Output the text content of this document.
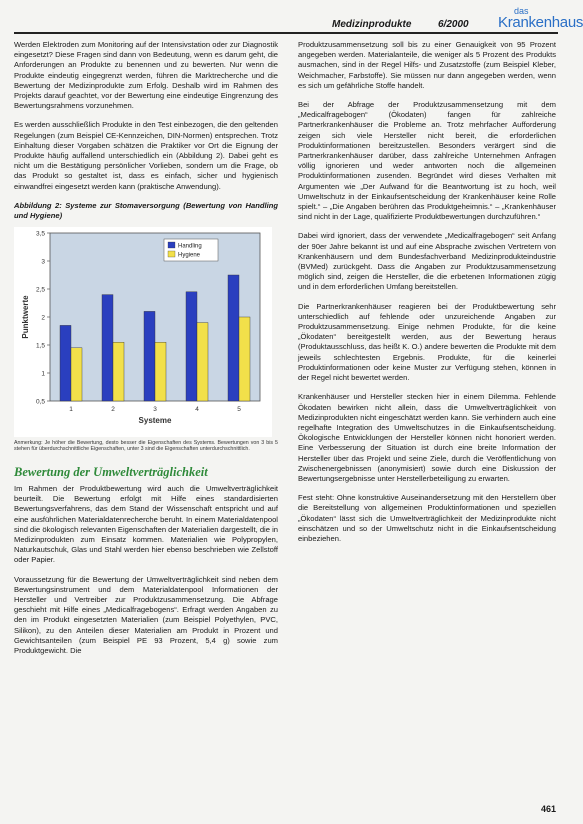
Medizinprodukte	6/2000
das
Krankenhaus

Werden Elektroden zum Monitoring auf der Intensivstation oder zur Diagnostik eingesetzt? Diese Fragen sind dann von Bedeutung, wenn es darum geht, die Anforderungen an Produkte zu benennen und zu bewerten. Nur wenn die Produkte eindeutig eingegrenzt werden, führen die Marktrecherche und die Bewertung der Medizinprodukte zum Erfolg. Deshalb wird im Rahmen des Projekts darauf geachtet, vor der Bewertung eine eindeutige Eingrenzung des Bewertungsrahmens vorzunehmen.

Es werden ausschließlich Produkte in den Test einbezogen, die den geltenden Regelungen (zum Beispiel CE-Kennzeichen, DIN-Normen) entsprechen. Trotz Einhaltung dieser Vorgaben schätzen die Praktiker vor Ort die Eignung der Produkte häufig auffallend unterschiedlich ein (Abbildung 2). Dabei geht es nicht um die Bestätigung persönlicher Vorlieben, sondern um die Frage, ob das Produkt so gestaltet ist, dass es einfach, sicher und hygienisch einwandfrei eingesetzt werden kann (praktische Anwendung).

Abbildung 2: Systeme zur Stomaversorgung (Bewertung von Handling und Hygiene)
0,5
1
1,5
2
2,5
3
3,5
1	2	3	4	5
Systeme
Punktwerte
Handling
Hygiene
Anmerkung: Je höher die Bewertung, desto besser die Eigenschaften des Systems. Bewertungen von 3 bis 5 stehen für überdurchschnittliche Eigenschaften, unter 3 sind die Eigenschaften unterdurchschnittlich.
Bewertung der Umweltverträglichkeit

Im Rahmen der Produktbewertung wird auch die Umweltverträglichkeit beurteilt. Die Bewertung erfolgt mit Hilfe eines standardisierten Bewertungsverfahrens, das dem Stand der Wissenschaft entspricht und auf eine ausführlichen Materialdatenrecherche beruht. In einem Materialdatenpool sind die ökologisch relevanten Eigenschaften der Materialien dargestellt, die in Medizinprodukten zum Einsatz kommen. Materialien wie Polypropylen, Naturkautschuk, Glas und Stahl werden hier ebenso beschrieben wie Zellstoff oder Papier.

Voraussetzung für die Bewertung der Umweltverträglichkeit sind neben dem Bewertungsinstrument und dem Materialdatenpool Informationen der Hersteller und Vertreiber zur Produktzusammensetzung. Die Abfrage geschieht mit Hilfe eines „Medicalfragebogens“. Erfragt werden Angaben zu den im Produkt eingesetzten Materialien (zum Beispiel Polyethylen, PVC, Silikon), zu den Anteilen dieser Materialien am Produkt in Prozent und Gewichtsanteilen (zum Beispiel PE 93 Prozent, 5,4 g) sowie zum Produktgewicht. Die

Produktzusammensetzung soll bis zu einer Genauigkeit von 95 Prozent angegeben werden. Materialanteile, die weniger als 5 Prozent des Produkts ausmachen, sind in der Regel Hilfs- und Zusatzstoffe (zum Beispiel Kleber, Weichmacher, Farbstoffe). Sie müssen nur dann angegeben werden, wenn es sich um gefährliche Stoffe handelt.

Bei der Abfrage der Produktzusammensetzung mit dem „Medicalfragebogen“ (Ökodaten) fangen für zahlreiche Partnerkrankenhäuser die Probleme an. Trotz mehrfacher Aufforderung zeigen sich viele Hersteller nicht bereit, die erforderlichen Produktinformationen bereitzustellen. Besonders verärgert sind die Partnerkrankenhäuser darüber, dass zahlreiche Unternehmen Anfragen völlig ignorieren und weder antworten noch die allgemeinen Produktinformationen zusenden. Begründet wird dieses Verhalten mit Argumenten wie „Der Aufwand für die Beantwortung ist zu hoch, weil Umweltschutz in der Einkaufsentscheidung der Krankenhäuser keine Rolle spielt.“ – „Die Angaben berühren das Produktgeheimnis.“ – „Krankenhäuser sind nicht in der Lage, qualifizierte Produktbewertungen durchzuführen.“

Dabei wird ignoriert, dass der verwendete „Medicalfragebogen“ seit Anfang der 90er Jahre bekannt ist und auf eine Absprache zwischen Vertretern von Krankenhäusern und dem Bundesfachverband Medizinprodukteindustrie (BVMed) zurückgeht. Dass die Angaben zur Produktzusammensetzung möglich sind, zeigen die Hersteller, die die erbetenen Informationen zügig und in dem erforderlichen Umfang bereitstellen.

Die Partnerkrankenhäuser reagieren bei der Produktbewertung sehr unterschiedlich auf fehlende oder unzureichende Angaben zur Produktzusammensetzung. Einige nehmen Produkte, für die keine „Ökodaten“ bereitgestellt werden, aus der Bewertung heraus (Produktausschluss, das heißt K. O.) andere bewerten die Produkte mit dem jeweils schlechtesten Ergebnis. Produkte, für die keinerlei Produktinformationen oder keine Muster zur Verfügung stehen, können in der Regel nicht bewertet werden.

Krankenhäuser und Hersteller stecken hier in einem Dilemma. Fehlende Ökodaten bewirken nicht allein, dass die Umweltverträglichkeit von Medizinprodukten nicht eingeschätzt werden kann. Sie verhindern auch eine regelhafte Integration des Umweltschutzes in die Einkaufsentscheidung. Ökologische Entwicklungen der Hersteller können nicht honoriert werden. Eine Verbesserung der Situation ist durch eine breite Information der Hersteller über das Projekt und seine Ziele, durch die Veröffentlichung von Zwischenergebnissen (anonymisiert) sowie durch eine Diskussion der Bewertungsergebnisse unter Herstellerbeteiligung zu erwarten.

Fest steht: Ohne konstruktive Auseinandersetzung mit den Herstellern über die Bereitstellung von allgemeinen Produktinformationen und speziellen „Ökodaten“ lässt sich die Umweltverträglichkeit der Medizinprodukte nicht einschätzen und so der Umweltschutz nicht in die Einkaufsentscheidung einbeziehen.

461
